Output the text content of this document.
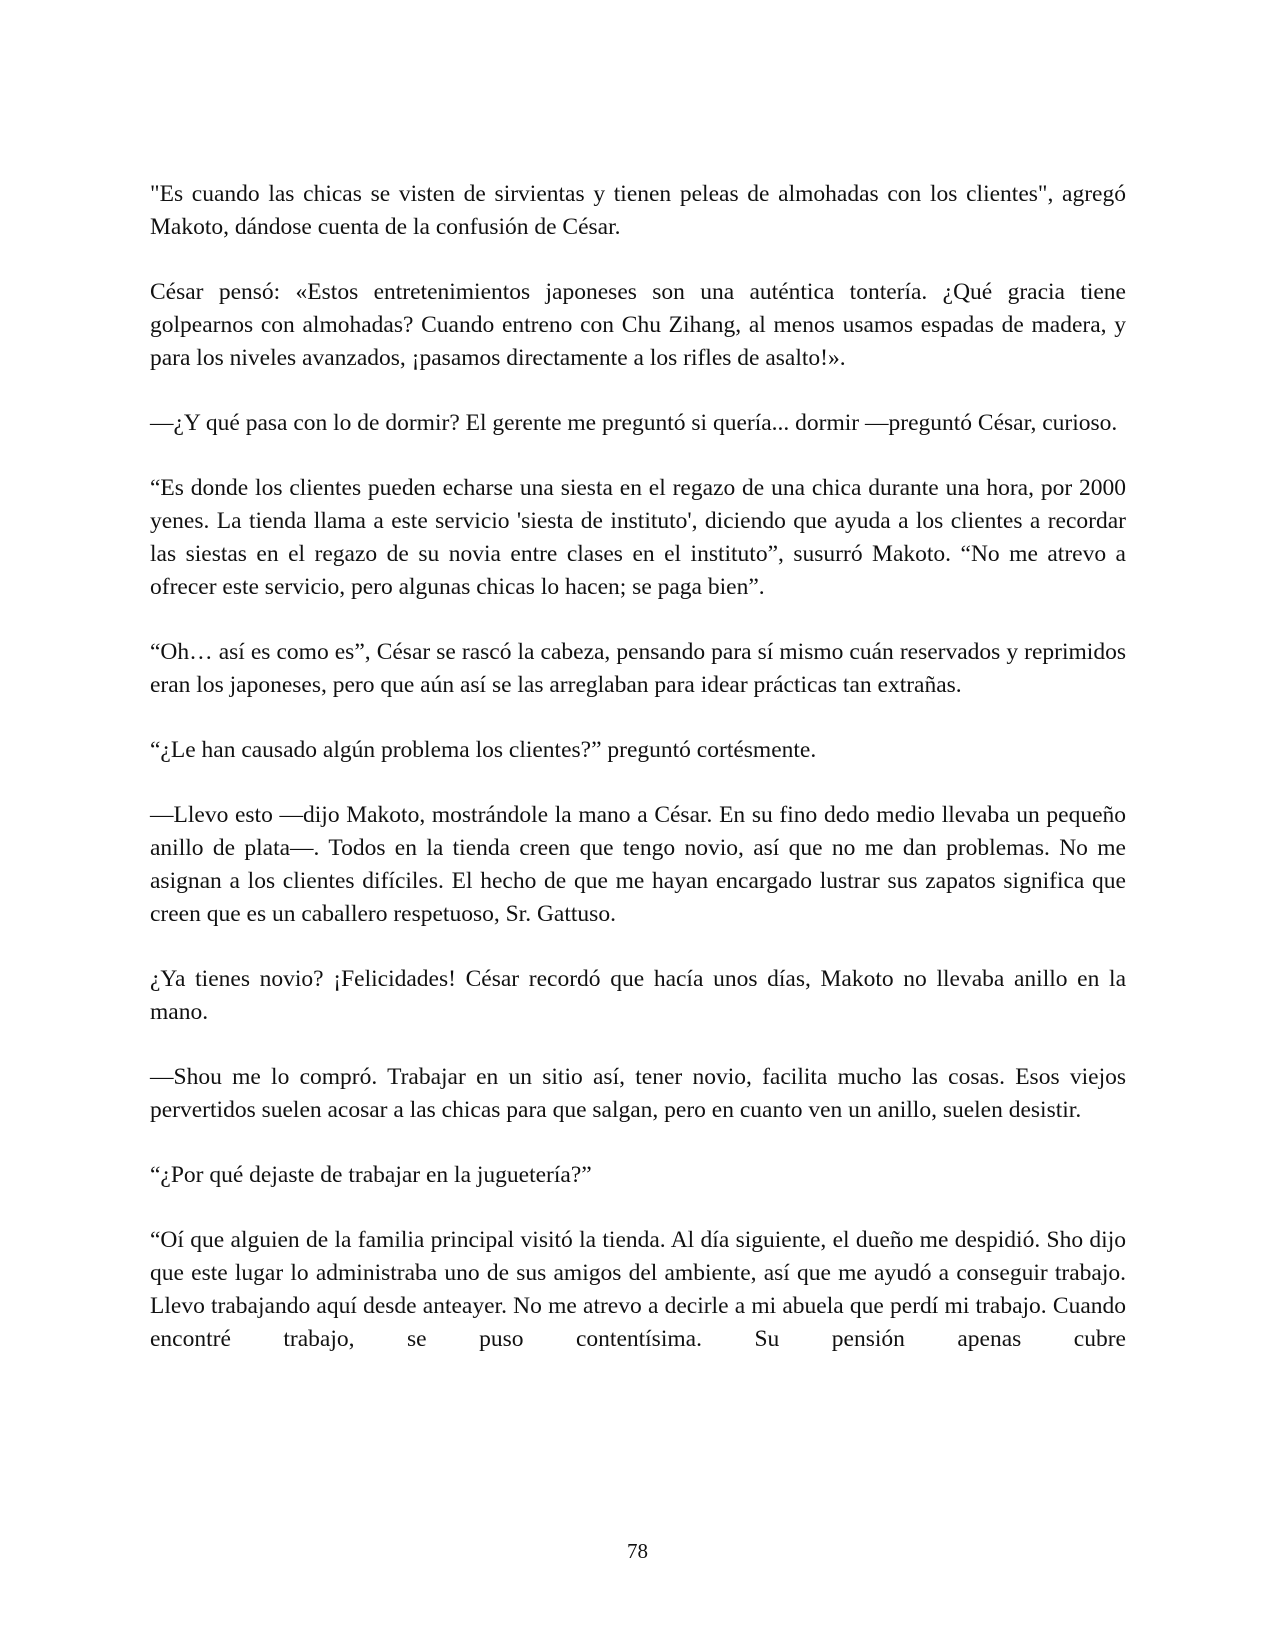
"Es cuando las chicas se visten de sirvientas y tienen peleas de almohadas con los clientes", agregó Makoto, dándose cuenta de la confusión de César.

César pensó: «Estos entretenimientos japoneses son una auténtica tontería. ¿Qué gracia tiene golpearnos con almohadas? Cuando entreno con Chu Zihang, al menos usamos espadas de madera, y para los niveles avanzados, ¡pasamos directamente a los rifles de asalto!».

—¿Y qué pasa con lo de dormir? El gerente me preguntó si quería... dormir —preguntó César, curioso.

“Es donde los clientes pueden echarse una siesta en el regazo de una chica durante una hora, por 2000 yenes. La tienda llama a este servicio 'siesta de instituto', diciendo que ayuda a los clientes a recordar las siestas en el regazo de su novia entre clases en el instituto”, susurró Makoto. “No me atrevo a ofrecer este servicio, pero algunas chicas lo hacen; se paga bien”.

“Oh… así es como es”, César se rascó la cabeza, pensando para sí mismo cuán reservados y reprimidos eran los japoneses, pero que aún así se las arreglaban para idear prácticas tan extrañas.

“¿Le han causado algún problema los clientes?” preguntó cortésmente.

—Llevo esto —dijo Makoto, mostrándole la mano a César. En su fino dedo medio llevaba un pequeño anillo de plata—. Todos en la tienda creen que tengo novio, así que no me dan problemas. No me asignan a los clientes difíciles. El hecho de que me hayan encargado lustrar sus zapatos significa que creen que es un caballero respetuoso, Sr. Gattuso.

¿Ya tienes novio? ¡Felicidades! César recordó que hacía unos días, Makoto no llevaba anillo en la mano.

—Shou me lo compró. Trabajar en un sitio así, tener novio, facilita mucho las cosas. Esos viejos pervertidos suelen acosar a las chicas para que salgan, pero en cuanto ven un anillo, suelen desistir.

“¿Por qué dejaste de trabajar en la juguetería?”

“Oí que alguien de la familia principal visitó la tienda. Al día siguiente, el dueño me despidió. Sho dijo que este lugar lo administraba uno de sus amigos del ambiente, así que me ayudó a conseguir trabajo. Llevo trabajando aquí desde anteayer. No me atrevo a decirle a mi abuela que perdí mi trabajo. Cuando encontré trabajo, se puso contentísima. Su pensión apenas cubre

78
